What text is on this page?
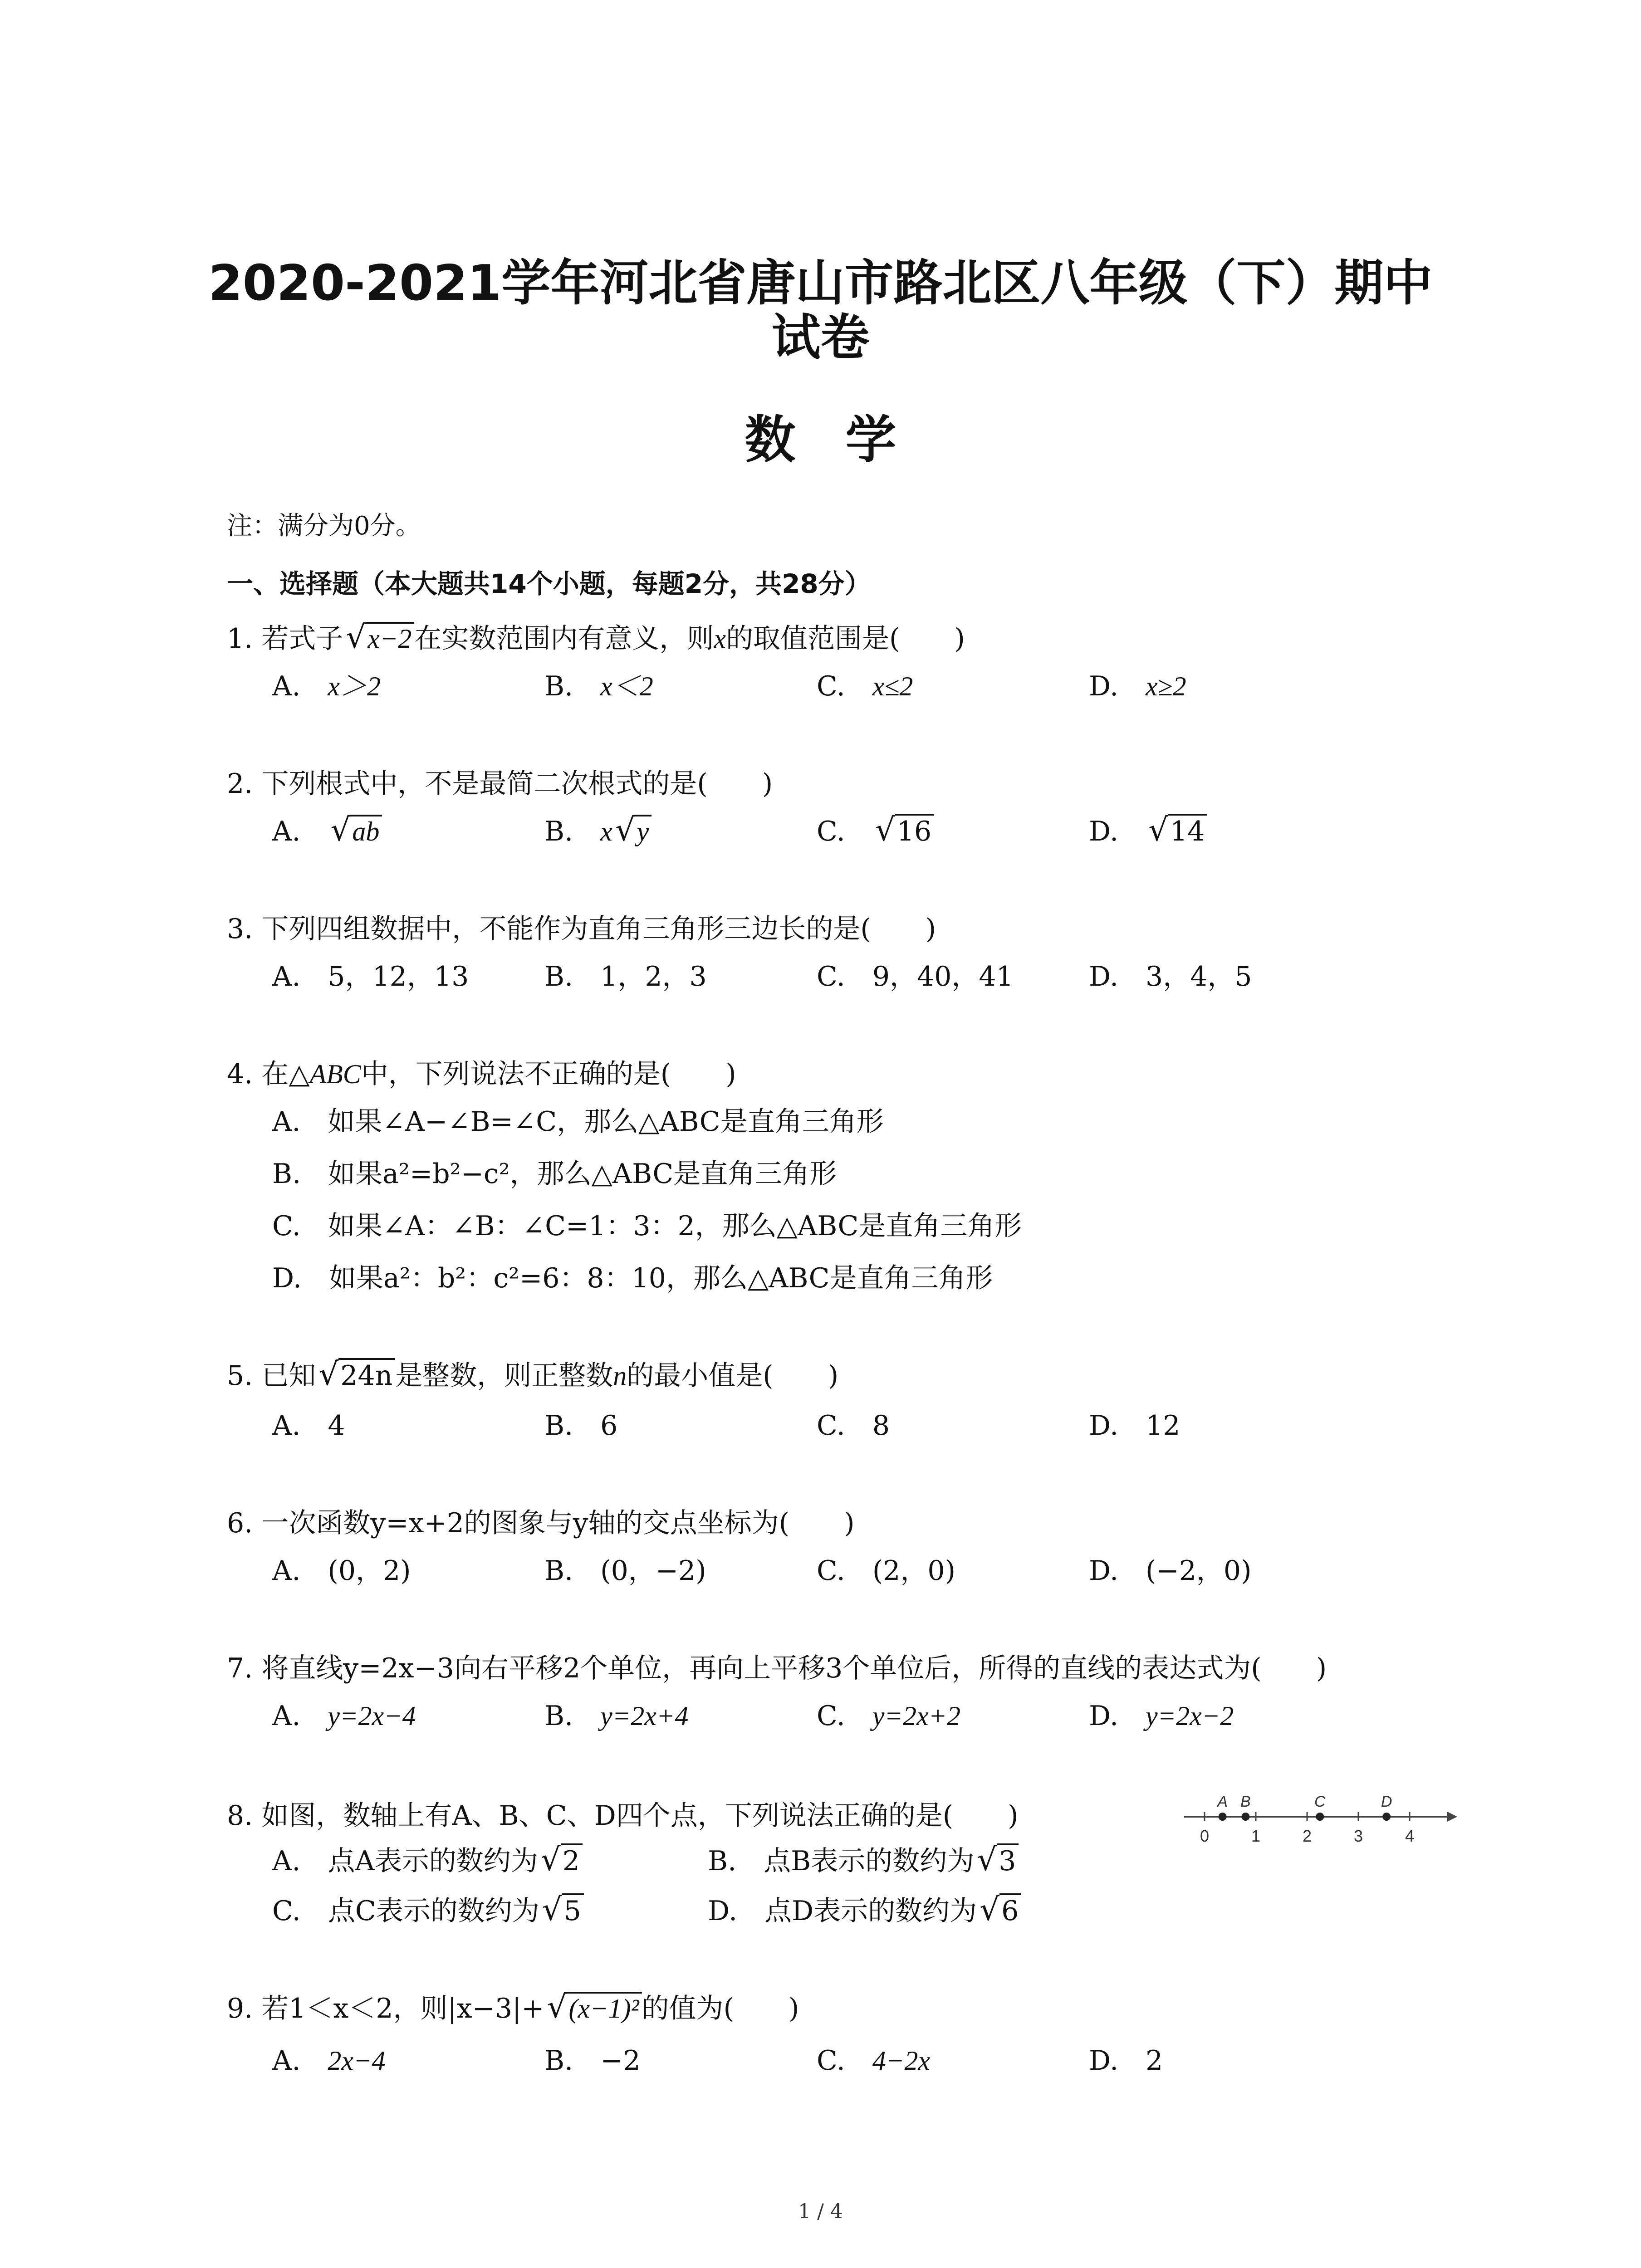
2020-2021学年河北省唐山市路北区八年级（下）期中
试卷
数学
注：满分为0分。
一、选择题（本大题共14个小题，每题2分，共28分）
1. 若式子√x−2 在实数范围内有意义，则x的取值范围是(　　)
A.　 x＞2	B.　 x＜2	C.　 x≤2	D.　 x≥2
2. 下列根式中，不是最简二次根式的是(　　)
A.　 √ab	B.　 x√y	C.　 √16	D.　 √14
3. 下列四组数据中，不能作为直角三角形三边长的是(　　)
A.　 5，12，13	B.　 1，2，3	C.　 9，40，41	D.　 3，4，5
4. 在△ABC中，下列说法不正确的是(　　)
A.　 如果∠A−∠B=∠C，那么△ABC是直角三角形
B.　 如果a²=b²−c²，那么△ABC是直角三角形
C.　 如果∠A：∠B：∠C=1：3：2，那么△ABC是直角三角形
D.　 如果a²：b²：c²=6：8：10，那么△ABC是直角三角形
5. 已知√24n 是整数，则正整数n的最小值是(　　)
A.　 4	B.　 6	C.　 8	D.　 12
6. 一次函数y=x+2的图象与y轴的交点坐标为(　　)
A.　 (0，2)	B.　 (0，−2)	C.　 (2，0)	D.　 (−2，0)
7. 将直线y=2x−3向右平移2个单位，再向上平移3个单位后，所得的直线的表达式为(　　)
A.　 y=2x−4	B.　 y=2x+4	C.　 y=2x+2	D.　 y=2x−2
8. 如图，数轴上有A、B、C、D四个点，下列说法正确的是(　　)
A.　 点A表示的数约为√2	B.　 点B表示的数约为√3
C.　 点C表示的数约为√5	D.　 点D表示的数约为√6
0	1	2	3	4
A B	C	D
9. 若1＜x＜2，则|x−3|+√(x−1)² 的值为(　　)
A.　 2x−4	B.　 −2	C.　 4−2x	D.　 2
1 / 4
